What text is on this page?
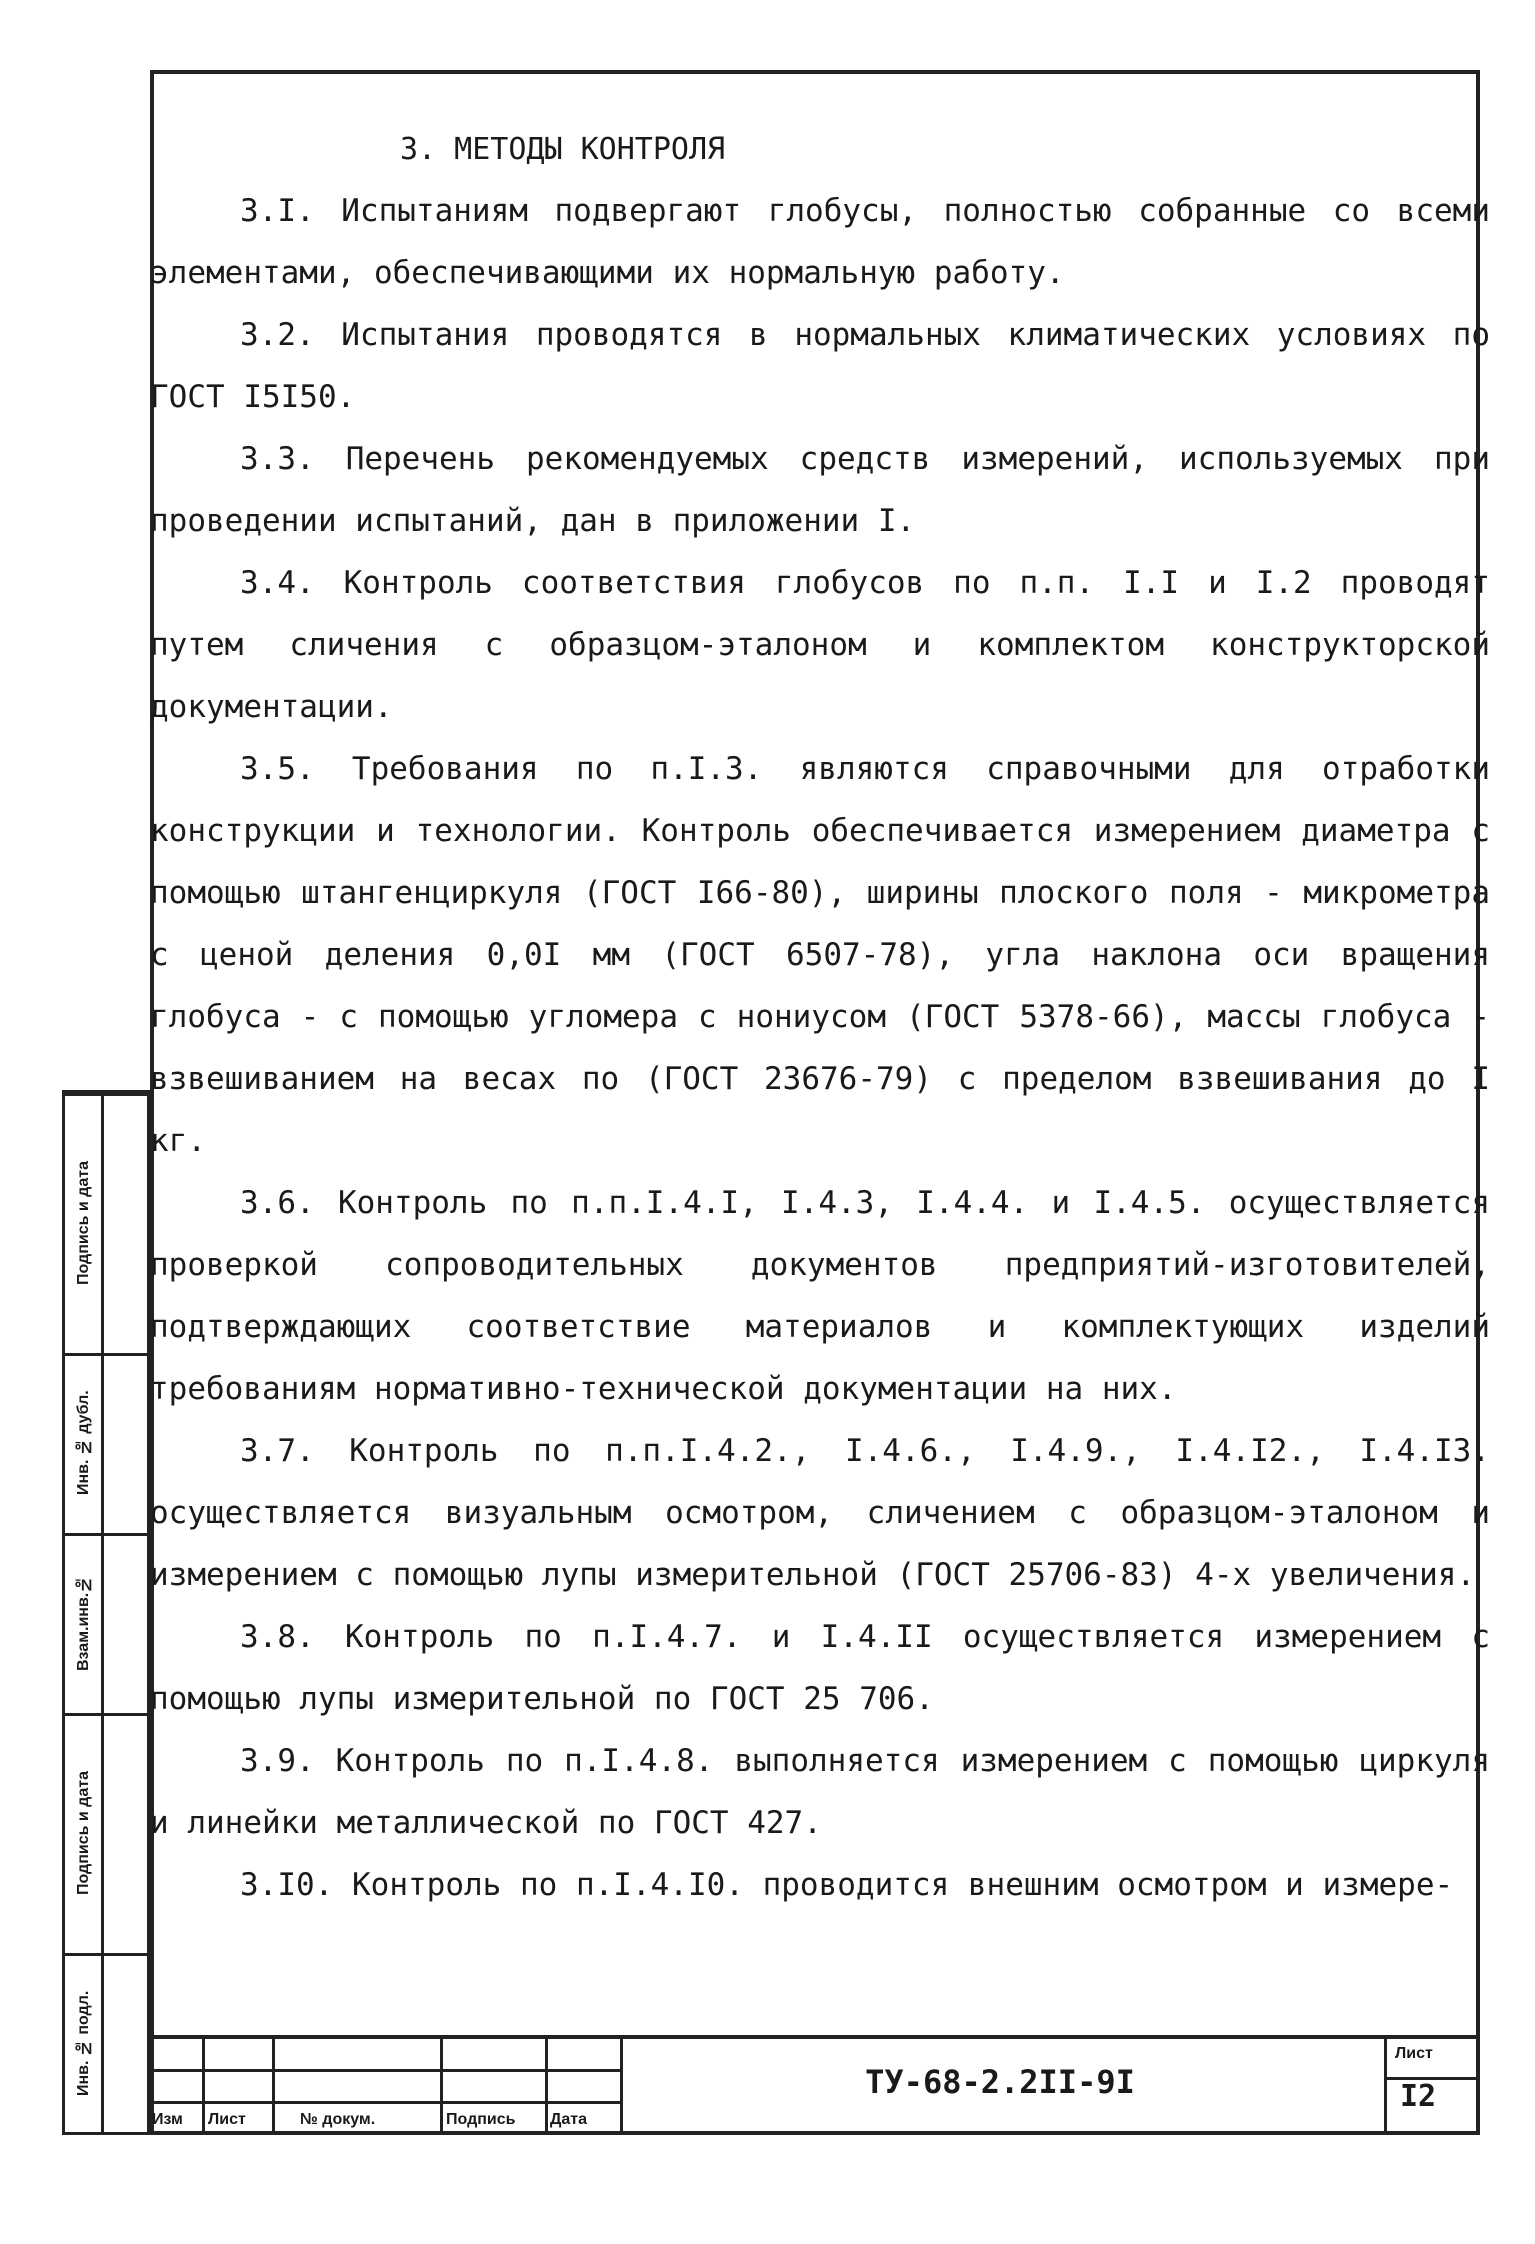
3. МЕТОДЫ КОНТРОЛЯ

3.I. Испытаниям подвергают глобусы, полностью собранные со всеми элементами, обеспечивающими их нормальную работу.

3.2. Испытания проводятся в нормальных климатических условиях по ГОСТ I5I50.

3.3. Перечень рекомендуемых средств измерений, используемых при проведении испытаний, дан в приложении I.

3.4. Контроль соответствия глобусов по п.п. I.I и I.2 проводят путем сличения с образцом-эталоном и комплектом конструкторской документации.

3.5. Требования по п.I.3. являются справочными для отработки конструкции и технологии. Контроль обеспечивается измерением диаметра с помощью штангенциркуля (ГОСТ I66-80), ширины плоского поля - микрометра с ценой деления 0,0I мм (ГОСТ 6507-78), угла наклона оси вращения глобуса - с помощью угломера с нониусом (ГОСТ 5378-66), массы глобуса - взвешиванием на весах по (ГОСТ 23676-79) с пределом взвешивания до I кг.

3.6. Контроль по п.п.I.4.I, I.4.3, I.4.4. и I.4.5. осуществляется проверкой сопроводительных документов предприятий-изготовителей, подтверждающих соответствие материалов и комплектующих изделий требованиям нормативно-технической документации на них.

3.7. Контроль по п.п.I.4.2., I.4.6., I.4.9., I.4.I2., I.4.I3. осуществляется визуальным осмотром, сличением с образцом-эталоном и измерением с помощью лупы измерительной (ГОСТ 25706-83) 4-х увеличения.

3.8. Контроль по п.I.4.7. и I.4.II осуществляется измерением с помощью лупы измерительной по ГОСТ 25 706.

3.9. Контроль по п.I.4.8. выполняется измерением с помощью циркуля и линейки металлической по ГОСТ 427.

3.I0. Контроль по п.I.4.I0. проводится внешним осмотром и измере-

Подпись и дата
Инв. № дубл.
Взам.инв.№
Подпись и дата
Инв. № подл.
Изм Лист	№ докум.	Подпись Дата
ТУ-68-2.2II-9I
Лист
I2
